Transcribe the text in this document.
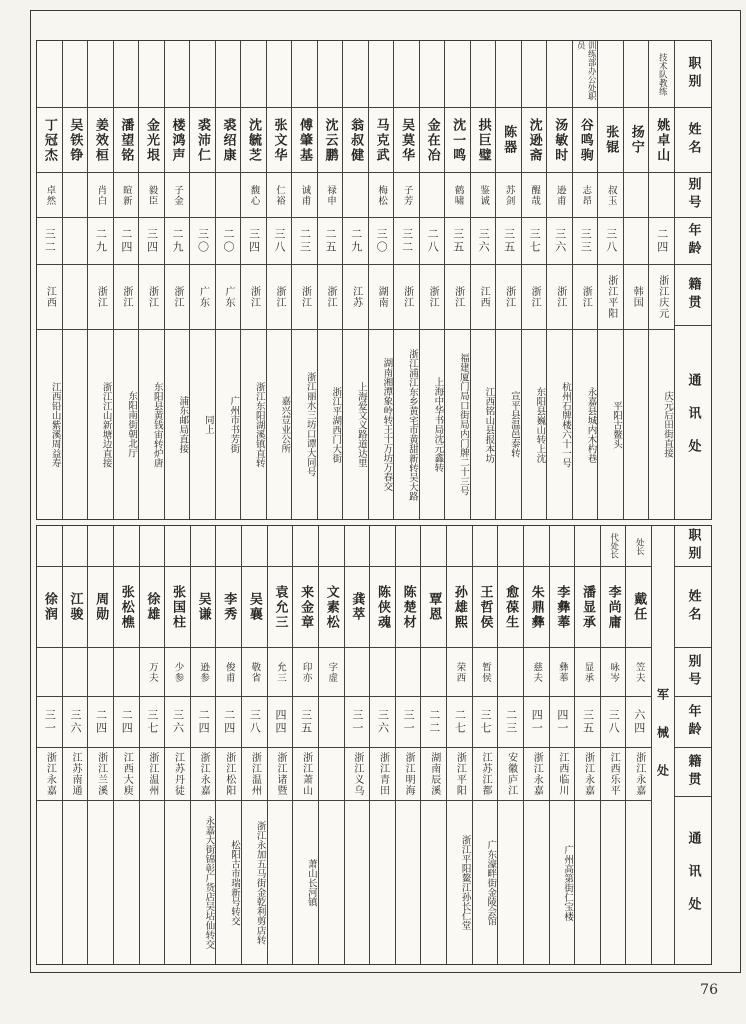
职别
姓名
别号
年龄
籍贯
通讯处
技术队教练
姚卓山
二四
浙江庆元
庆元后田街直接
扬宁
韩国
张锟
叔玉
三八
浙江平阳
平阳古鳌头
训练部办公处职员
谷鸣驹
志昂
三三
浙江
永嘉县城内木杓巷
汤敏时
逊甫
三六
浙江
杭州石牌楼六十一号
沈逊斋
醒哉
三七
浙江
东阳县巍山转上沈
陈器
苏剑
三五
浙江
宣平县温邑泰转
拱巨璧
鉴诚
三六
江西
江西铭山县报本坊
沈一鸣
鹤啸
三五
浙江
福建厦门局口街局内门牌二十三号
金在冶
二八
浙江
上海中华书局沈元鑫转
吴莫华
子芳
三二
浙江
浙江浦江东乡黄宅市黄甜新转吴大路
马克武
梅松
三〇
湖南
湖南湘潭象岭转王十万坊万春交
翁叔健
二九
江苏
上海爱文义路道达里
沈云鹏
禄申
二五
浙江
浙江平湖西门大街
傅肇基
诚甫
二三
浙江
浙江丽水三坊口谭大同号
张文华
仁裕
三八
浙江
嘉兴荳业公所
沈毓芝
馥心
三四
浙江
浙江东阳湖溪镇直转
裘绍康
二〇
广东
广州市书芳街
裘沛仁
三〇
广东
同上
楼鸿声
子金
二九
浙江
浦东邮局直接
金光垠
毅臣
三四
浙江
东阳县黄钱宙转炉唐
潘望铭
暄新
二四
浙江
东阳南街朝北厅
姜效桓
肖白
二九
浙江
浙江江山新塘边直接
吴铁铮
丁冠杰
卓然
三二
江西
江西铅山紫溪周益寿
职别
姓名
别号
年龄
籍贯
通讯处
军械处
处长
戴任
笠夫
六四
浙江永嘉
代处长
李尚庸
咏岑
三八
江西乐平
潘显承
显承
三五
浙江永嘉
李彝菶
彝菶
四一
江西临川
广州高第街仁宝楼
朱鼎彝
慈夫
四一
浙江永嘉
愈葆生
二三
安徽庐江
王哲侯
暂侯
三七
江苏江都
广东濠畔街金陵会馆
孙雄熙
荣西
二七
浙江平阳
浙江平阳鳌江孙长仁堂
覃恩
二二
湖南辰溪
陈楚材
三一
浙江明海
陈侠魂
三六
浙江青田
龚萃
三一
浙江义乌
文素松
字虚
来金章
印亦
三五
浙江萧山
萧山长河镇
袁允三
允三
四四
浙江诸暨
吴襄
敬省
三八
浙江温州
浙江永加五马街金乾利剪店转
李秀
俊甫
二四
浙江松阳
松阳古市瑞新号转交
吴谦
逊参
二四
浙江永嘉
永嘉大街锦彰广货店吴坫仙转交
张国柱
少参
三六
江苏丹徒
徐雄
万夫
三七
浙江温州
张松樵
二四
江西大庾
周勋
二四
浙江兰溪
江骏
三六
江苏南通
徐润
三一
浙江永嘉
76
